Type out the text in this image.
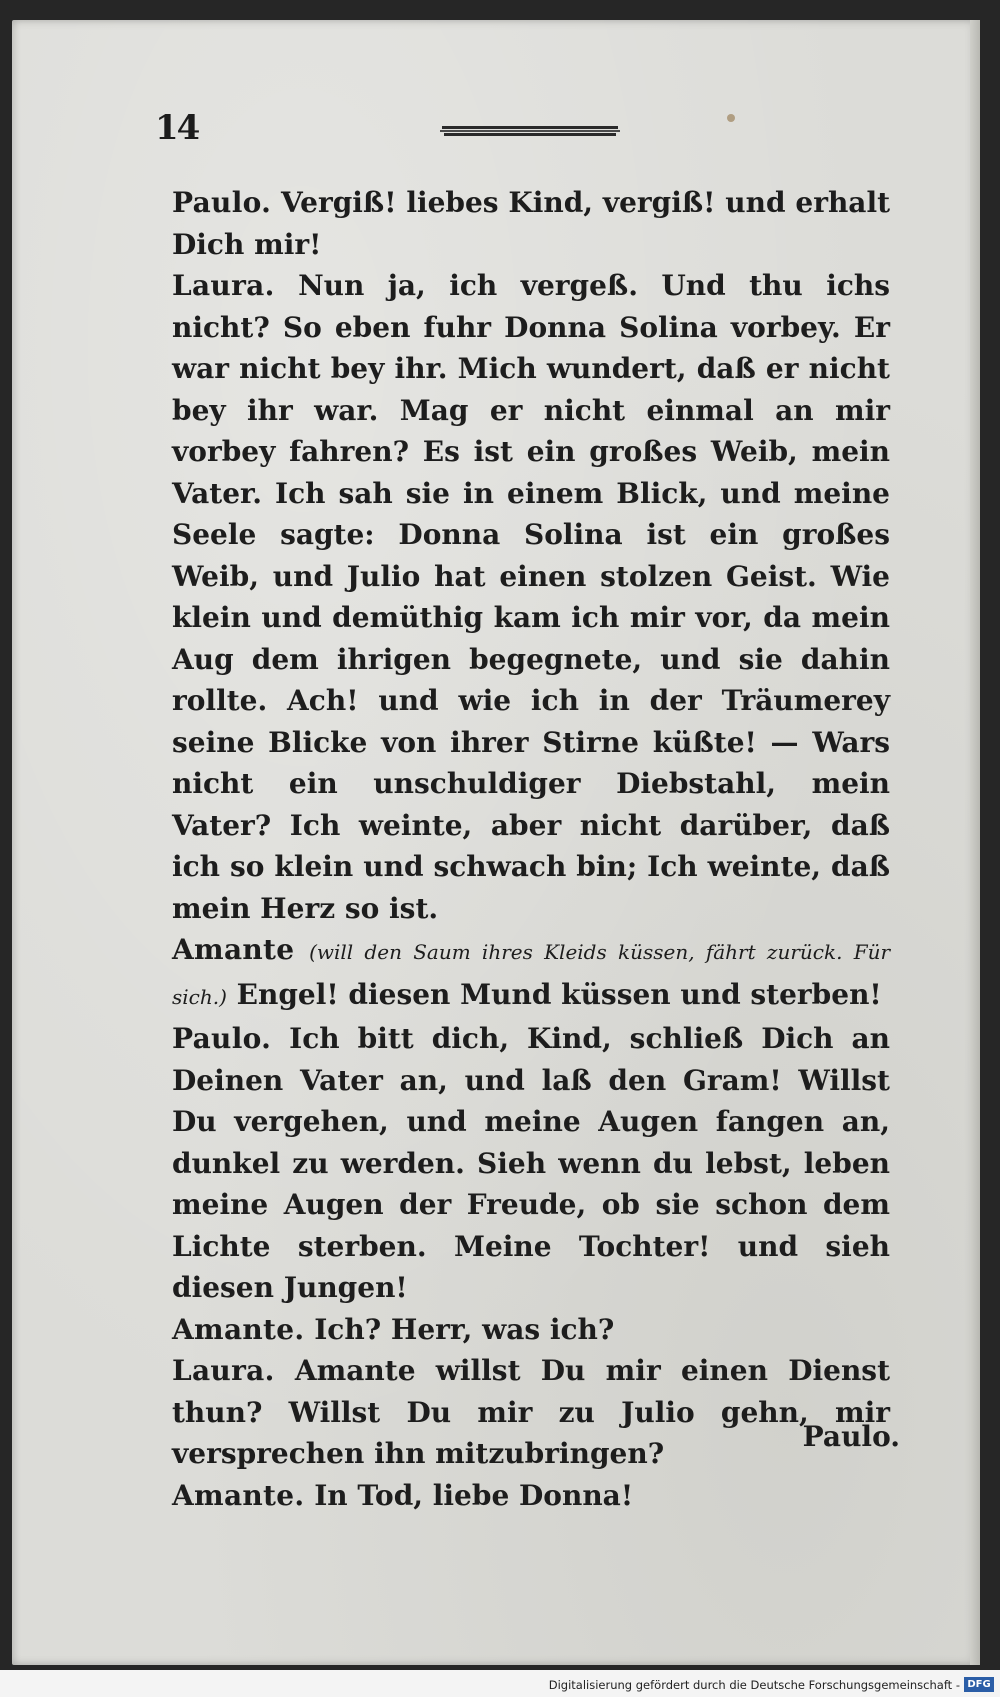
14

Paulo. Vergiß! liebes Kind, vergiß! und erhalt Dich mir!

Laura. Nun ja, ich vergeß. Und thu ichs nicht? So eben fuhr Donna Solina vorbey. Er war nicht bey ihr. Mich wundert, daß er nicht bey ihr war. Mag er nicht einmal an mir vorbey fahren? Es ist ein großes Weib, mein Vater. Ich sah sie in einem Blick, und meine Seele sagte: Donna Solina ist ein großes Weib, und Julio hat einen stolzen Geist. Wie klein und demüthig kam ich mir vor, da mein Aug dem ihrigen begegnete, und sie dahin rollte. Ach! und wie ich in der Träumerey seine Blicke von ihrer Stirne küßte! — Wars nicht ein unschuldiger Diebstahl, mein Vater? Ich weinte, aber nicht darüber, daß ich so klein und schwach bin; Ich weinte, daß mein Herz so ist.

Amante (will den Saum ihres Kleids küssen, fährt zurück. Für sich.) Engel! diesen Mund küssen und sterben!

Paulo. Ich bitt dich, Kind, schließ Dich an Deinen Vater an, und laß den Gram! Willst Du vergehen, und meine Augen fangen an, dunkel zu werden. Sieh wenn du lebst, leben meine Augen der Freude, ob sie schon dem Lichte sterben. Meine Tochter! und sieh diesen Jungen!

Amante. Ich? Herr, was ich?

Laura. Amante willst Du mir einen Dienst thun? Willst Du mir zu Julio gehn, mir versprechen ihn mitzubringen?

Amante. In Tod, liebe Donna!

Paulo.
Digitalisierung gefördert durch die Deutsche Forschungsgemeinschaft - DFG
